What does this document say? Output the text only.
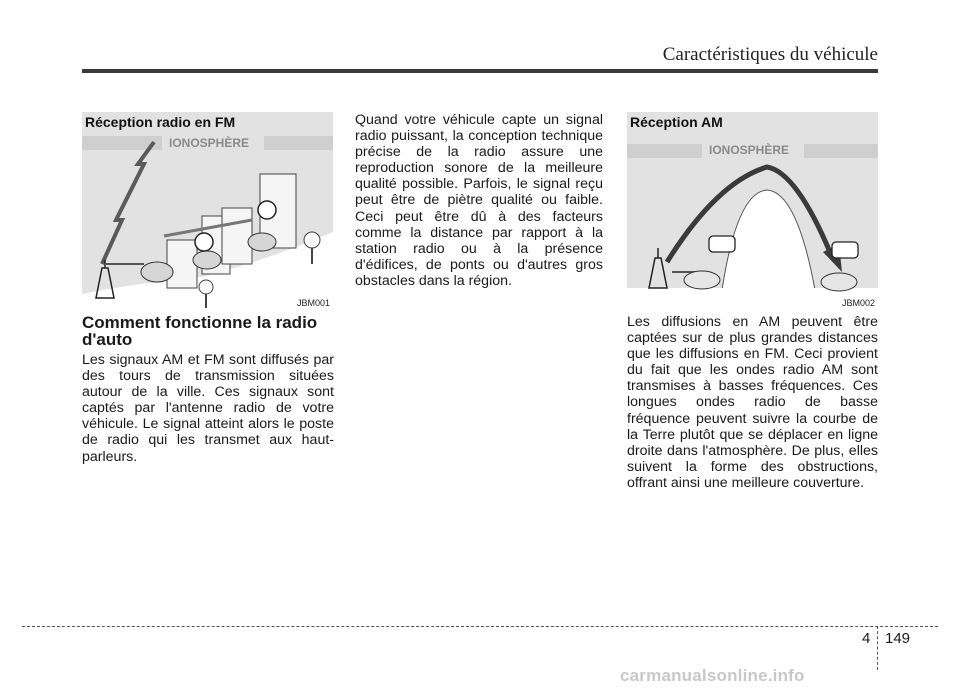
Caractéristiques du véhicule
IONOSPHÈRE
Réception radio en FM
JBM001
IONOSPHÈRE
Réception AM
JBM002
Comment fonctionne la radio d'auto
Les signaux AM et FM sont diffusés par des tours de transmission situées autour de la ville. Ces signaux sont captés par l'antenne radio de votre véhicule. Le signal atteint alors le poste de radio qui les transmet aux haut-parleurs.
Quand votre véhicule capte un signal radio puissant, la conception technique précise de la radio assure une reproduction sonore de la meilleure qualité possible. Parfois, le signal reçu peut être de piètre qualité ou faible. Ceci peut être dû à des facteurs comme la distance par rapport à la station radio ou à la présence d'édifices, de ponts ou d'autres gros obstacles dans la région.
Les diffusions en AM peuvent être captées sur de plus grandes distances que les diffusions en FM. Ceci provient du fait que les ondes radio AM sont transmises à basses fréquences. Ces longues ondes radio de basse fréquence peuvent suivre la courbe de la Terre plutôt que se déplacer en ligne droite dans l'atmosphère. De plus, elles suivent la forme des obstructions, offrant ainsi une meilleure couverture.
4 149
carmanualsonline.info
